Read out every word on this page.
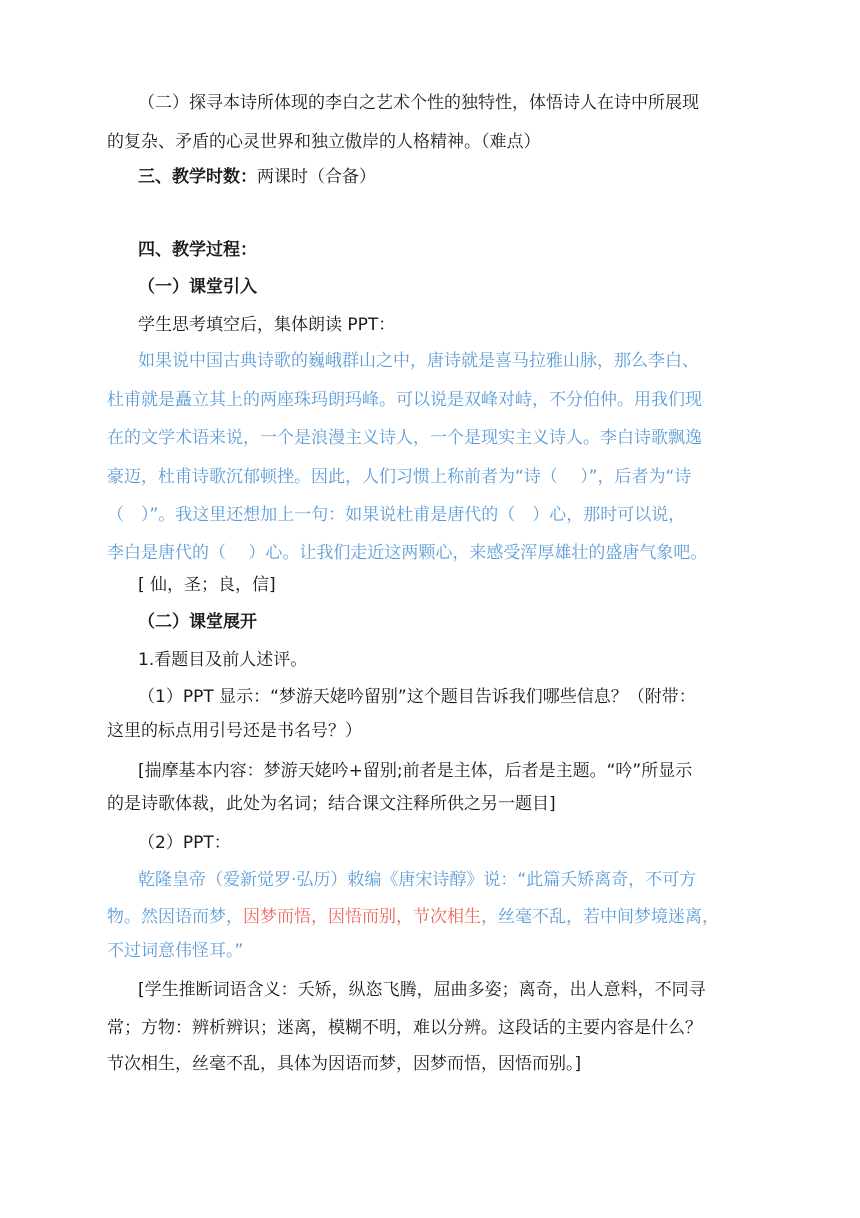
（二）探寻本诗所体现的李白之艺术个性的独特性，体悟诗人在诗中所展现

的复杂、矛盾的心灵世界和独立傲岸的人格精神。（难点）

三、教学时数：两课时（合备）

四、教学过程：

（一）课堂引入

学生思考填空后，集体朗读 PPT：

如果说中国古典诗歌的巍峨群山之中，唐诗就是喜马拉雅山脉，那么李白、

杜甫就是矗立其上的两座珠玛朗玛峰。可以说是双峰对峙，不分伯仲。用我们现

在的文学术语来说，一个是浪漫主义诗人，一个是现实主义诗人。李白诗歌飘逸

豪迈，杜甫诗歌沉郁顿挫。因此，人们习惯上称前者为“诗（　 ）”，后者为“诗

（　）”。我这里还想加上一句：如果说杜甫是唐代的（　）心，那时可以说，

李白是唐代的（　 ）心。让我们走近这两颗心，来感受浑厚雄壮的盛唐气象吧。

[ 仙，圣；良，信]

（二）课堂展开

1.看题目及前人述评。

（1）PPT 显示：“梦游天姥吟留别”这个题目告诉我们哪些信息？（附带：

这里的标点用引号还是书名号？）

[揣摩基本内容：梦游天姥吟+留别;前者是主体，后者是主题。“吟”所显示

的是诗歌体裁，此处为名词；结合课文注释所供之另一题目]

（2）PPT：

乾隆皇帝（爱新觉罗·弘历）敕编《唐宋诗醇》说：“此篇夭矫离奇，不可方

物。然因语而梦，因梦而悟，因悟而别，节次相生，丝毫不乱，若中间梦境迷离，

不过词意伟怪耳。”

[学生推断词语含义：夭矫，纵恣飞腾，屈曲多姿；离奇，出人意料，不同寻

常；方物：辨析辨识；迷离，模糊不明，难以分辨。这段话的主要内容是什么？

节次相生，丝毫不乱，具体为因语而梦，因梦而悟，因悟而别。]
